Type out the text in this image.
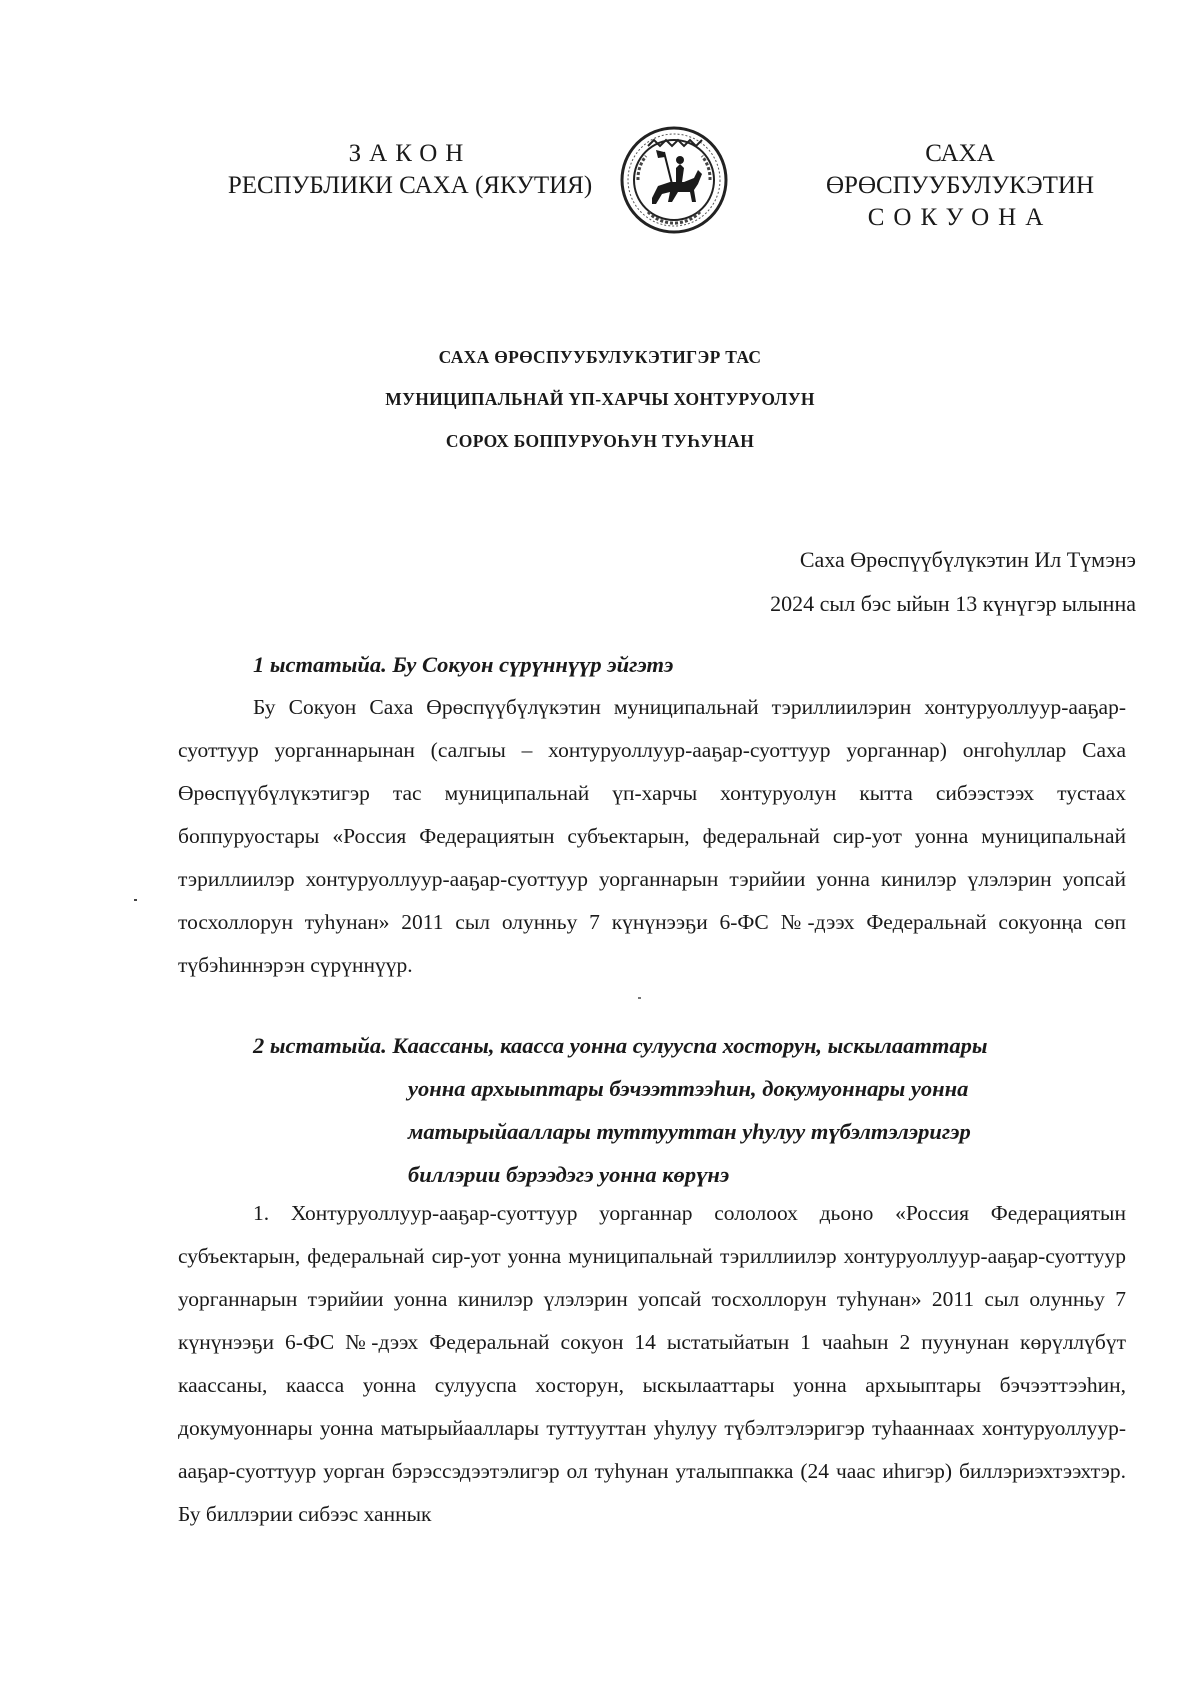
ЗАКОН
РЕСПУБЛИКИ САХА (ЯКУТИЯ)
САХА ӨРӨСПУУБУЛУКЭТИН
СОКУОНА
САХА ӨРӨСПУУБУЛУКЭТИГЭР ТАС
МУНИЦИПАЛЬНАЙ ҮП-ХАРЧЫ ХОНТУРУОЛУН
СОРОХ БОППУРУОҺУН ТУҺУНАН
Саха Өрөспүүбүлүкэтин Ил Түмэнэ
2024 сыл бэс ыйын 13 күнүгэр ылынна
1 ыстатыйа. Бу Сокуон сүрүннүүр эйгэтэ
Бу Сокуон Саха Өрөспүүбүлүкэтин муниципальнай тэриллиилэрин хонтуруоллуур-ааҕар-суоттуур уорганнарынан (салгыы – хонтуруоллуур-ааҕар-суоттуур уорганнар) онгоһуллар Саха Өрөспүүбүлүкэтигэр тас муниципальнай үп-харчы хонтуруолун кытта сибээстээх тустаах боппуруостары «Россия Федерациятын субъектарын, федеральнай сир-уот уонна муниципальнай тэриллиилэр хонтуруоллуур-ааҕар-суоттуур уорганнарын тэрийии уонна кинилэр үлэлэрин уопсай тосхоллорун туһунан» 2011 сыл олунньу 7 күнүнээҕи 6-ФС №-дээх Федеральнай сокуонңа сөп түбэһиннэрэн сүрүннүүр.
2 ыстатыйа. Каассаны, каасса уонна сулууспа хосторун, ыскылааттары
уонна архыыптары бэчээттээһин, докумуоннары уонна
матырыйааллары туттууттан уһулуу түбэлтэлэригэр
биллэрии бэрээдэгэ уонна көрүнэ
1. Хонтуруоллуур-ааҕар-суоттуур уорганнар сололоох дьоно «Россия Федерациятын субъектарын, федеральнай сир-уот уонна муниципальнай тэриллиилэр хонтуруоллуур-ааҕар-суоттуур уорганнарын тэрийии уонна кинилэр үлэлэрин уопсай тосхоллорун туһунан» 2011 сыл олунньу 7 күнүнээҕи 6-ФС №-дээх Федеральнай сокуон 14 ыстатыйатын 1 чааһын 2 пуунунан көрүллүбүт каассаны, каасса уонна сулууспа хосторун, ыскылааттары уонна архыыптары бэчээттээһин, докумуоннары уонна матырыйааллары туттууттан уһулуу түбэлтэлэригэр туһааннаах хонтуруоллуур-ааҕар-суоттуур уорган бэрэссэдээтэлигэр ол туһунан уталыппакка (24 чаас иһигэр) биллэриэхтээхтэр. Бу биллэрии сибээс ханнык
